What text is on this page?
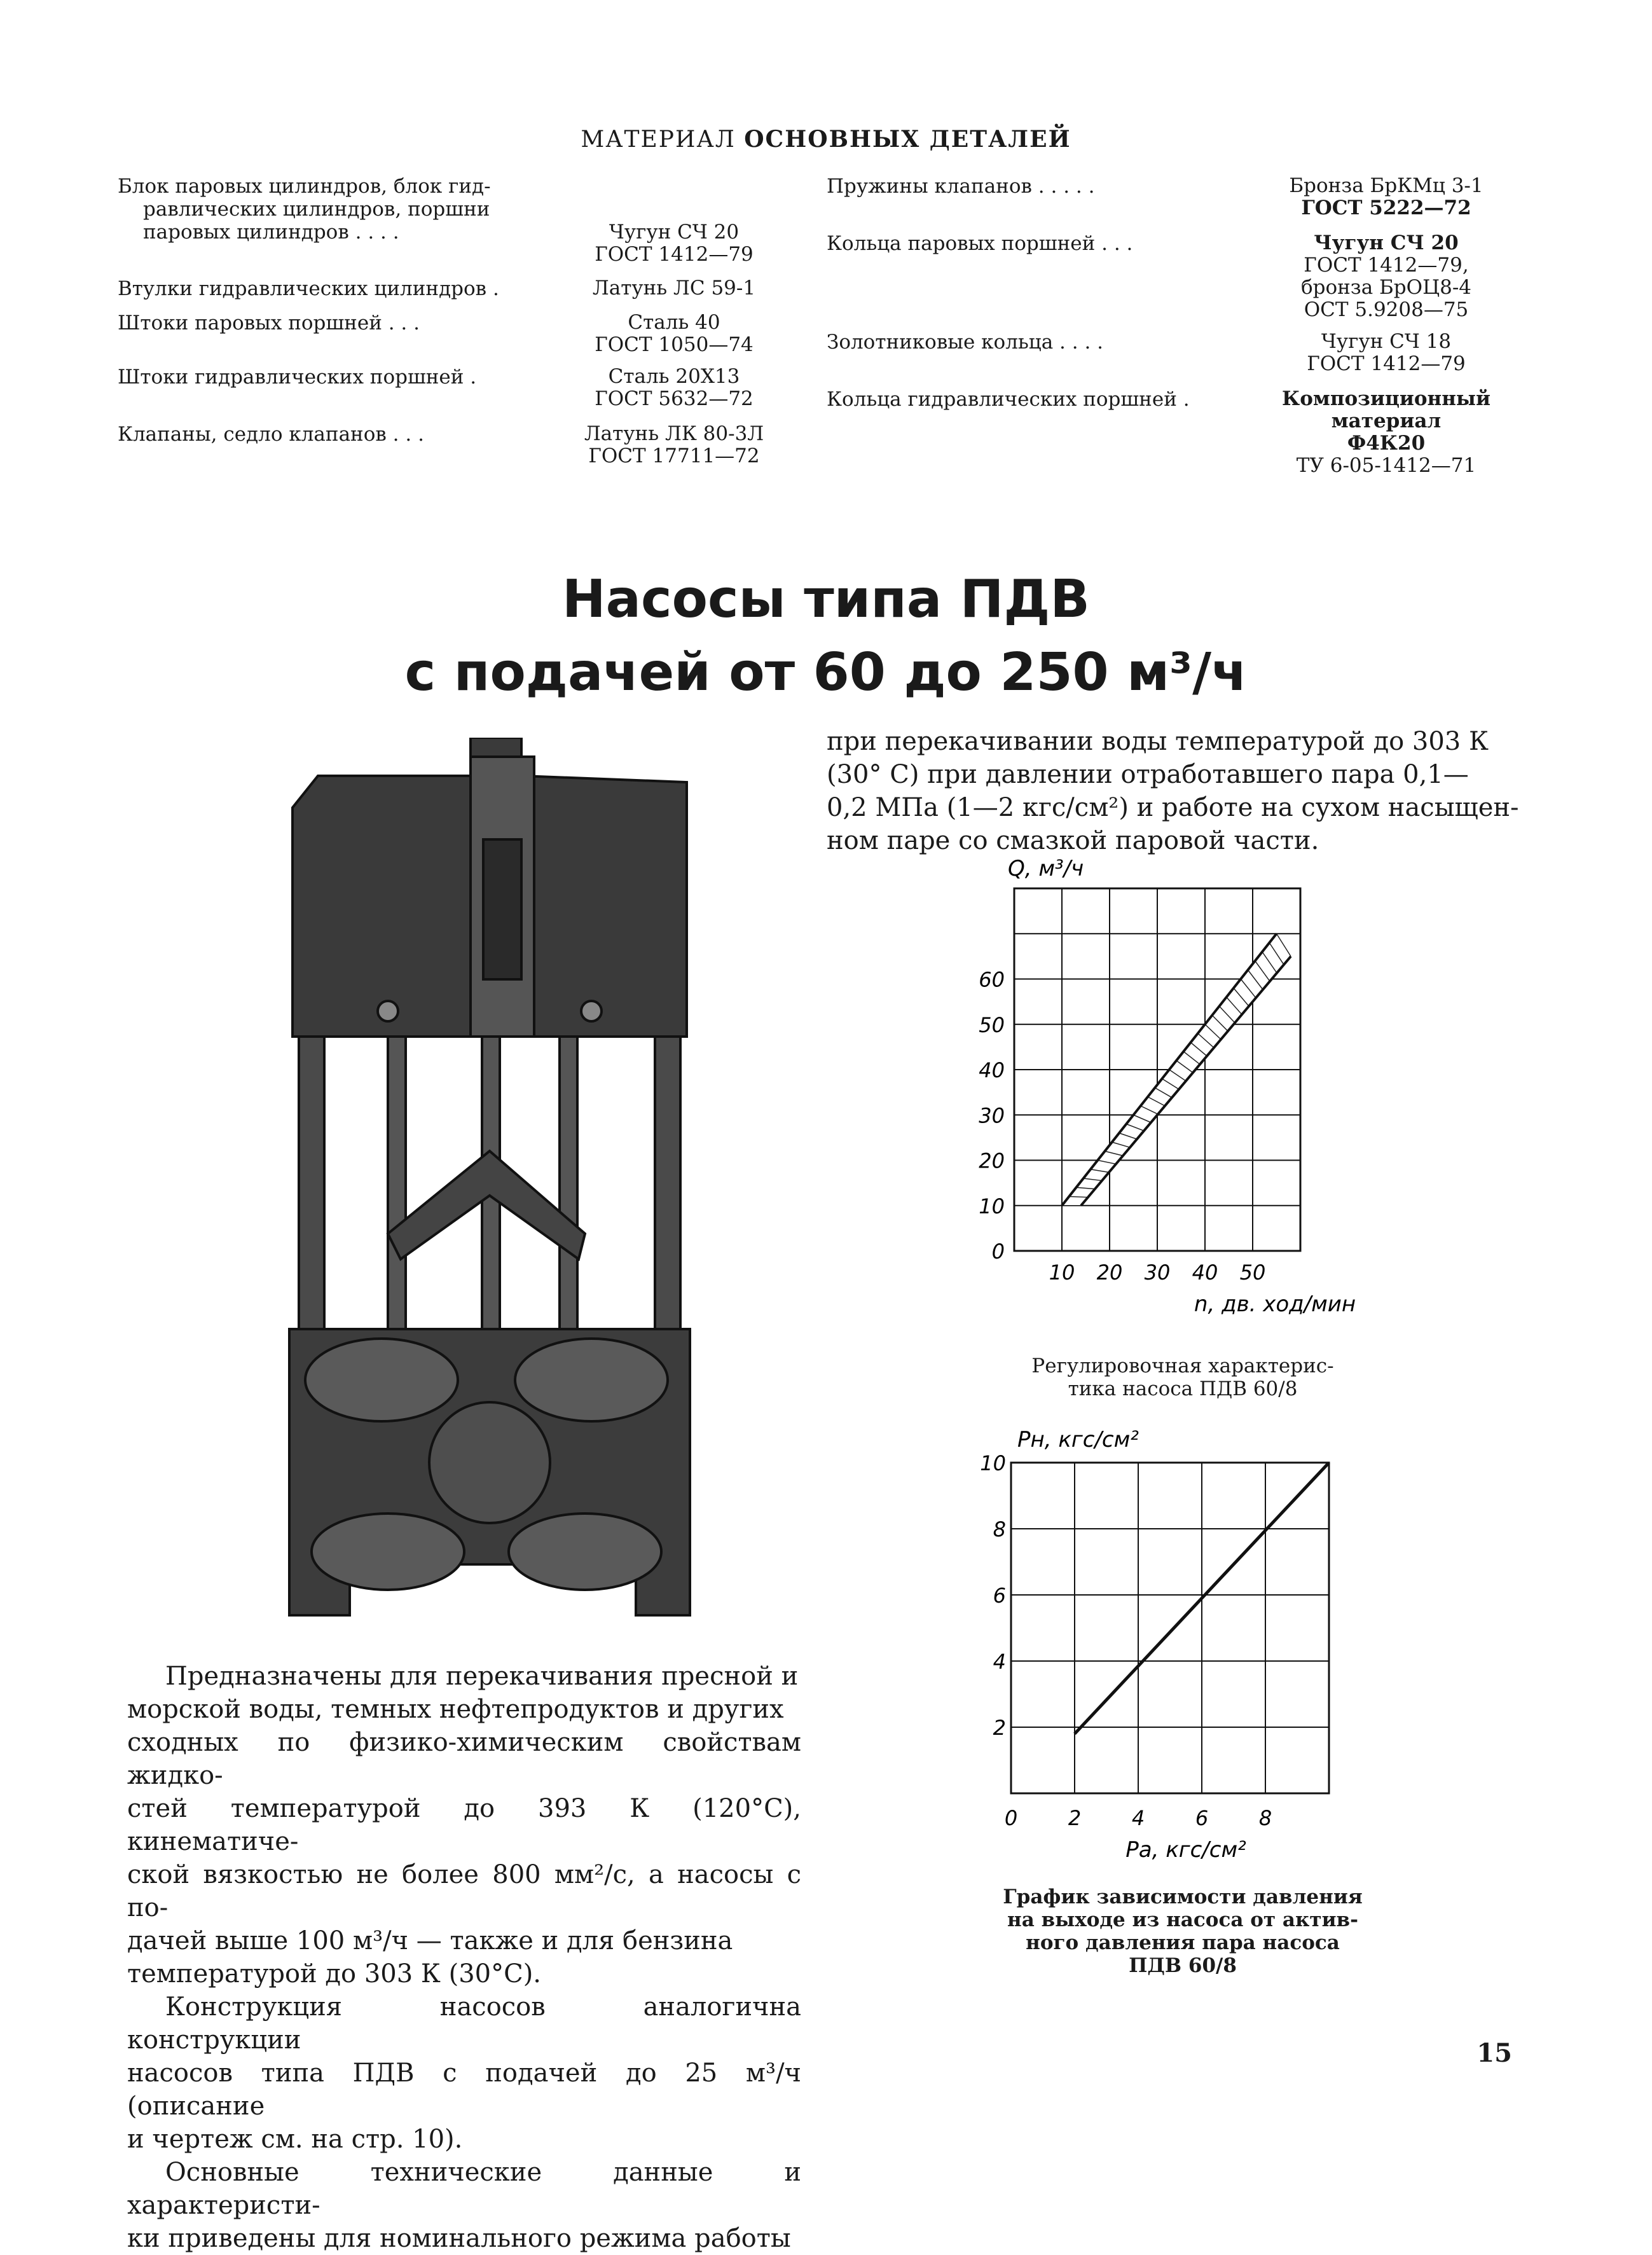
МАТЕРИАЛ ОСНОВНЫХ ДЕТАЛЕЙ
Блок паровых цилиндров, блок гид-
равлических цилиндров, поршни
паровых цилиндров . . . .	Чугун СЧ 20
ГОСТ 1412—79
Втулки гидравлических цилиндров .	Латунь ЛС 59-1
Штоки паровых поршней . . .	Сталь 40
ГОСТ 1050—74
Штоки гидравлических поршней .	Сталь 20Х13
ГОСТ 5632—72
Клапаны, седло клапанов . . .	Латунь ЛК 80-3Л
ГОСТ 17711—72
Пружины клапанов . . . . .	Бронза БрКМц 3-1
ГОСТ 5222—72
Кольца паровых поршней . . .	Чугун СЧ 20
ГОСТ 1412—79,
бронза БрОЦ8-4
ОСТ 5.9208—75
Золотниковые кольца . . . .	Чугун СЧ 18
ГОСТ 1412—79
Кольца гидравлических поршней .	Композиционный
материал
Ф4К20
ТУ 6-05-1412—71
Насосы типа ПДВ
с подачей от 60 до 250 м³/ч
при перекачивании воды температурой до 303 К
(30° С) при давлении отработавшего пара 0,1—
0,2 МПа (1—2 кгс/см²) и работе на сухом насыщен-
ном паре со смазкой паровой части.
0
10
20
30
40
50
60
10 20 30 40 50
Q, м³/ч
n, дв. ход/мин
Регулировочная характерис-
тика насоса ПДВ 60/8
2
4
6
8
10
0 2 4 6 8
Pн, кгс/см²
Pа, кгс/см²
График зависимости давления
на выходе из насоса от актив-
ного давления пара насоса
ПДВ 60/8
Предназначены для перекачивания пресной и
морской воды, темных нефтепродуктов и других
сходных по физико-химическим свойствам жидко-
стей температурой до 393 К (120°С), кинематиче-
ской вязкостью не более 800 мм²/с, а насосы с по-
дачей выше 100 м³/ч — также и для бензина
температурой до 303 К (30°С).
Конструкция насосов аналогична конструкции
насосов типа ПДВ с подачей до 25 м³/ч (описание
и чертеж см. на стр. 10).
Основные технические данные и характеристи-
ки приведены для номинального режима работы
15
